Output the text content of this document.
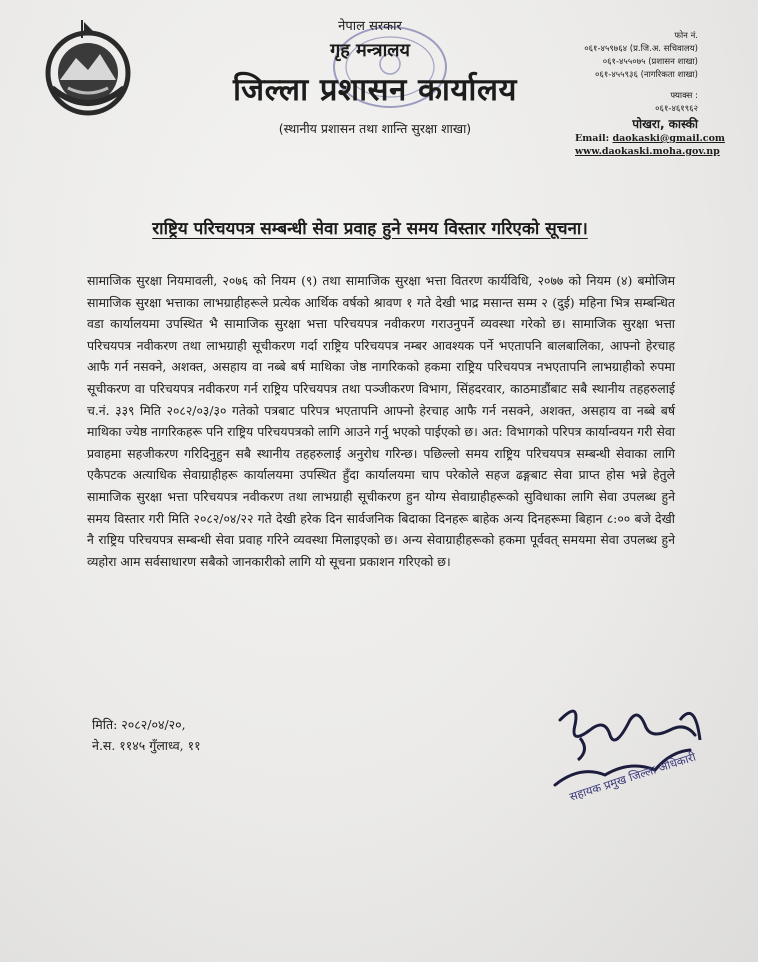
नेपाल सरकार
गृह मन्त्रालय
जिल्ला प्रशासन कार्यालय
(स्थानीय प्रशासन तथा शान्ति सुरक्षा शाखा)
फोन नं.
०६१-४५९७६४ (प्र.जि.अ. सचिवालय)
०६१-४५५०७५ (प्रशासन शाखा)
०६१-४५५९३६ (नागरिकता शाखा)
फ्याक्स :
०६१-४६१९६२
पोखरा, कास्की
Email: daokaski@gmail.com
www.daokaski.moha.gov.np
राष्ट्रिय परिचयपत्र सम्बन्धी सेवा प्रवाह हुने समय विस्तार गरिएको सूचना।

सामाजिक सुरक्षा नियमावली, २०७६ को नियम (९) तथा सामाजिक सुरक्षा भत्ता वितरण कार्यविधि, २०७७ को नियम (४) बमोजिम सामाजिक सुरक्षा भत्ताका लाभग्राहीहरूले प्रत्येक आर्थिक वर्षको श्रावण १ गते देखी भाद्र मसान्त सम्म २ (दुई) महिना भित्र सम्बन्धित वडा कार्यालयमा उपस्थित भै सामाजिक सुरक्षा भत्ता परिचयपत्र नवीकरण गराउनुपर्ने व्यवस्था गरेको छ। सामाजिक सुरक्षा भत्ता परिचयपत्र नवीकरण तथा लाभग्राही सूचीकरण गर्दा राष्ट्रिय परिचयपत्र नम्बर आवश्यक पर्ने भएतापनि बालबालिका, आफ्नो हेरचाह आफै गर्न नसक्ने, अशक्त, असहाय वा नब्बे बर्ष माथिका जेष्ठ नागरिकको हकमा राष्ट्रिय परिचयपत्र नभएतापनि लाभग्राहीको रुपमा सूचीकरण वा परिचयपत्र नवीकरण गर्न राष्ट्रिय परिचयपत्र तथा पञ्जीकरण विभाग, सिंहदरवार, काठमाडौंबाट सबै स्थानीय तहहरुलाई च.नं. ३३९ मिति २०८२/०३/३० गतेको पत्रबाट परिपत्र भएतापनि आफ्नो हेरचाह आफै गर्न नसक्ने, अशक्त, असहाय वा नब्बे बर्ष माथिका ज्येष्ठ नागरिकहरू पनि राष्ट्रिय परिचयपत्रको लागि आउने गर्नु भएको पाईएको छ। अत: विभागको परिपत्र कार्यान्वयन गरी सेवा प्रवाहमा सहजीकरण गरिदिनुहुन सबै स्थानीय तहहरुलाई अनुरोध गरिन्छ। पछिल्लो समय राष्ट्रिय परिचयपत्र सम्बन्धी सेवाका लागि एकैपटक अत्याधिक सेवाग्राहीहरू कार्यालयमा उपस्थित हुँदा कार्यालयमा चाप परेकोले सहज ढङ्गबाट सेवा प्राप्त होस भन्ने हेतुले सामाजिक सुरक्षा भत्ता परिचयपत्र नवीकरण तथा लाभग्राही सूचीकरण हुन योग्य सेवाग्राहीहरूको सुविधाका लागि सेवा उपलब्ध हुने समय विस्तार गरी मिति २०८२/०४/२२ गते देखी हरेक दिन सार्वजनिक बिदाका दिनहरू बाहेक अन्य दिनहरूमा बिहान ८:०० बजे देखी नै राष्ट्रिय परिचयपत्र सम्बन्धी सेवा प्रवाह गरिने व्यवस्था मिलाइएको छ। अन्य सेवाग्राहीहरूको हकमा पूर्ववत् समयमा सेवा उपलब्ध हुने व्यहोरा आम सर्वसाधारण सबैको जानकारीको लागि यो सूचना प्रकाशन गरिएको छ।

मिति: २०८२/०४/२०,
ने.स. ११४५ गुँलाध्व, ११
सहायक प्रमुख जिल्ला अधिकारी
